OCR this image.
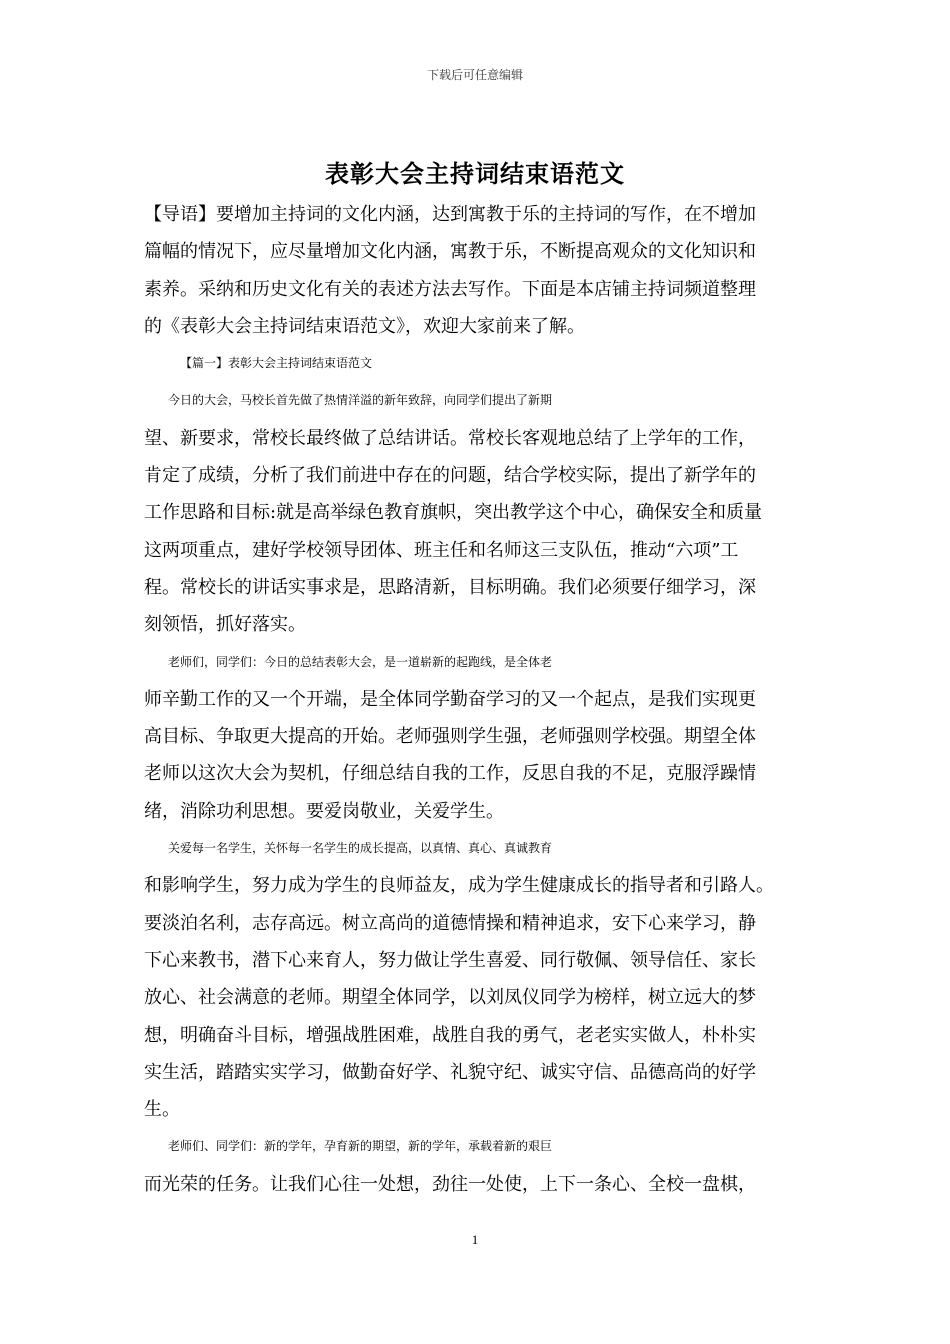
下载后可任意编辑
表彰大会主持词结束语范文

【导语】要增加主持词的文化内涵，达到寓教于乐的主持词的写作，在不增加
篇幅的情况下，应尽量增加文化内涵，寓教于乐，不断提高观众的文化知识和
素养。采纳和历史文化有关的表述方法去写作。下面是本店铺主持词频道整理
的《表彰大会主持词结束语范文》，欢迎大家前来了解。

【篇一】表彰大会主持词结束语范文

今日的大会，马校长首先做了热情洋溢的新年致辞，向同学们提出了新期
望、新要求，常校长最终做了总结讲话。常校长客观地总结了上学年的工作，
肯定了成绩，分析了我们前进中存在的问题，结合学校实际，提出了新学年的
工作思路和目标:就是高举绿色教育旗帜，突出教学这个中心，确保安全和质量
这两项重点，建好学校领导团体、班主任和名师这三支队伍，推动“六项”工
程。常校长的讲话实事求是，思路清新，目标明确。我们必须要仔细学习，深
刻领悟，抓好落实。

老师们，同学们：今日的总结表彰大会，是一道崭新的起跑线，是全体老
师辛勤工作的又一个开端，是全体同学勤奋学习的又一个起点，是我们实现更
高目标、争取更大提高的开始。老师强则学生强，老师强则学校强。期望全体
老师以这次大会为契机，仔细总结自我的工作，反思自我的不足，克服浮躁情
绪，消除功利思想。要爱岗敬业，关爱学生。

关爱每一名学生，关怀每一名学生的成长提高，以真情、真心、真诚教育
和影响学生，努力成为学生的良师益友，成为学生健康成长的指导者和引路人。
要淡泊名利，志存高远。树立高尚的道德情操和精神追求，安下心来学习，静
下心来教书，潜下心来育人，努力做让学生喜爱、同行敬佩、领导信任、家长
放心、社会满意的老师。期望全体同学，以刘凤仪同学为榜样，树立远大的梦
想，明确奋斗目标，增强战胜困难，战胜自我的勇气，老老实实做人，朴朴实
实生活，踏踏实实学习，做勤奋好学、礼貌守纪、诚实守信、品德高尚的好学
生。

老师们、同学们：新的学年，孕育新的期望，新的学年，承载着新的艰巨
而光荣的任务。让我们心往一处想，劲往一处使，上下一条心、全校一盘棋，

1
